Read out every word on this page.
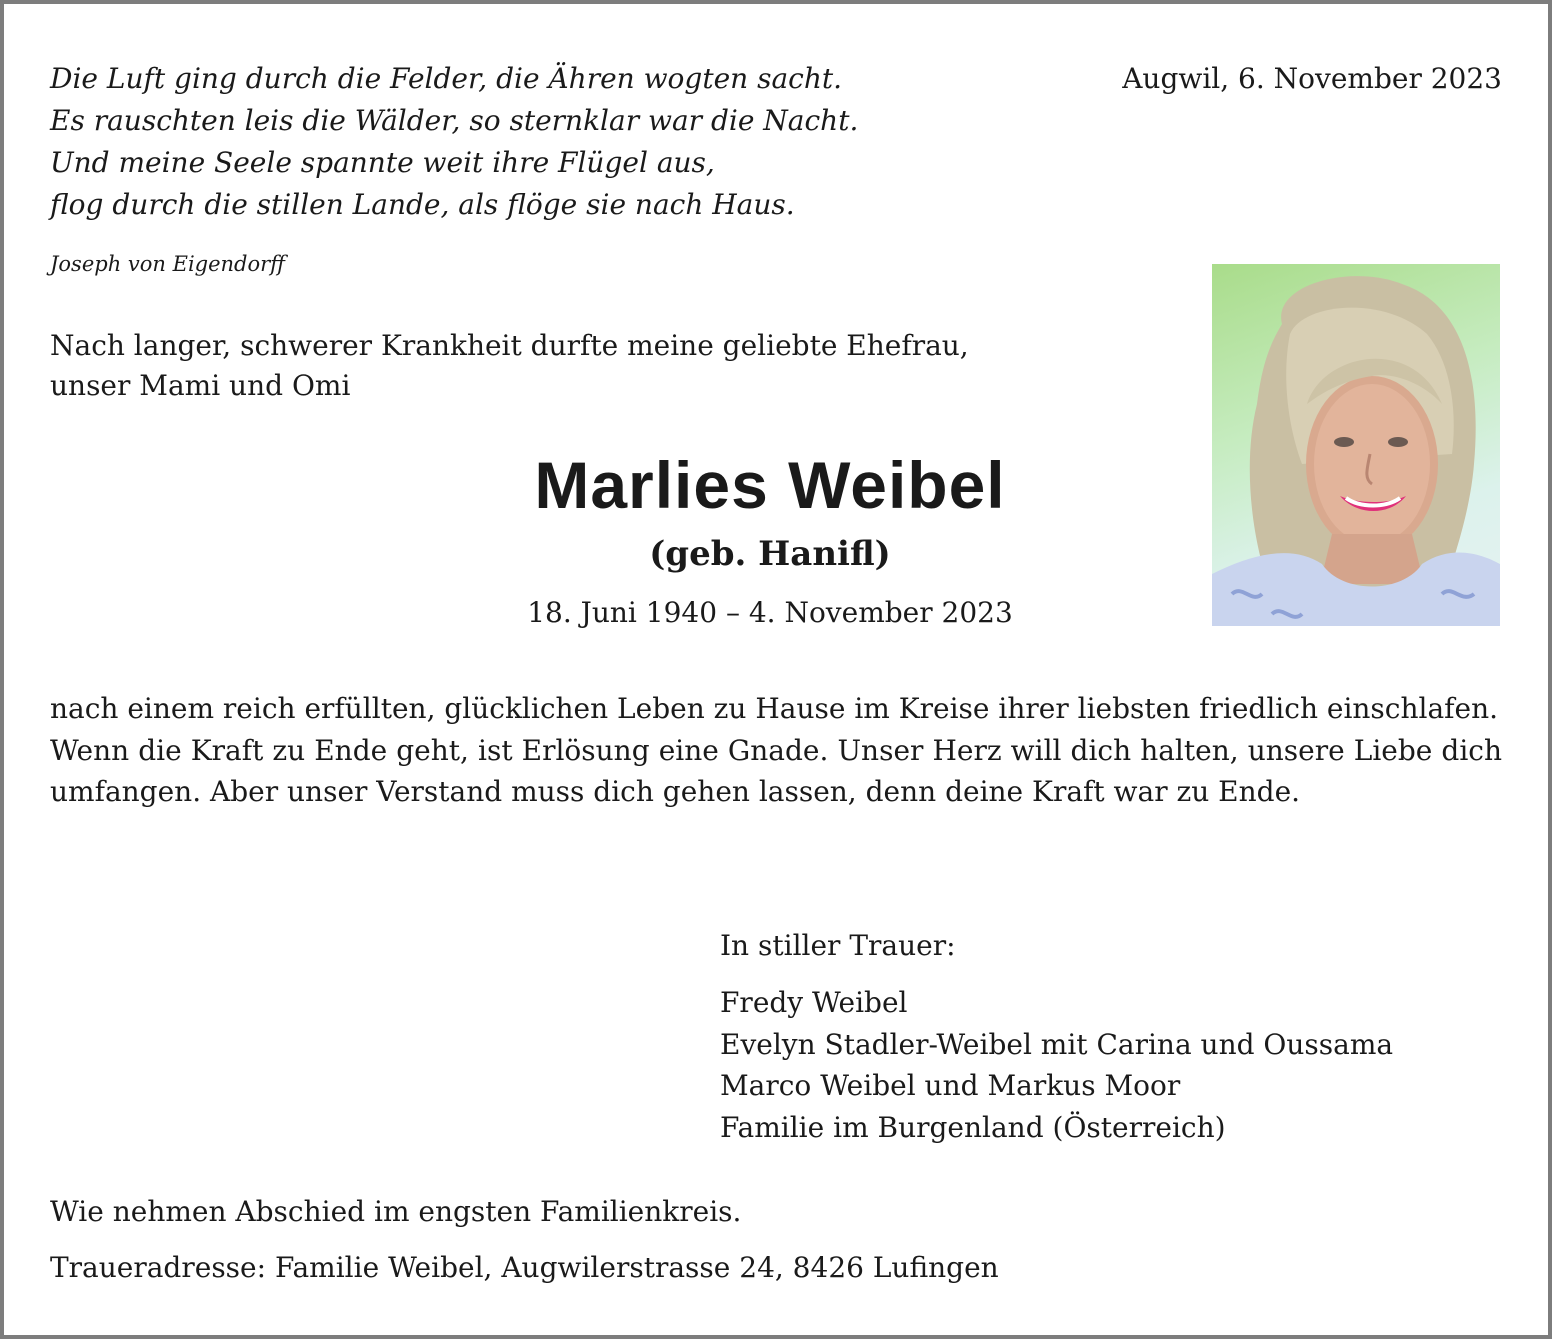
Die Luft ging durch die Felder, die Ähren wogten sacht.
Es rauschten leis die Wälder, so sternklar war die Nacht.
Und meine Seele spannte weit ihre Flügel aus,
flog durch die stillen Lande, als flöge sie nach Haus.
Joseph von Eigendorff
Augwil, 6. November 2023
Nach langer, schwerer Krankheit durfte meine geliebte Ehefrau,
unser Mami und Omi
Marlies Weibel
(geb. Hanifl)
18. Juni 1940 – 4. November 2023

nach einem reich erfüllten, glücklichen Leben zu Hause im Kreise ihrer liebsten friedlich einschlafen.

Wenn die Kraft zu Ende geht, ist Erlösung eine Gnade. Unser Herz will dich halten, unsere Liebe dich umfangen. Aber unser Verstand muss dich gehen lassen, denn deine Kraft war zu Ende.

In stiller Trauer:
Fredy Weibel
Evelyn Stadler-Weibel mit Carina und Oussama
Marco Weibel und Markus Moor
Familie im Burgenland (Österreich)
Wie nehmen Abschied im engsten Familienkreis.
Traueradresse: Familie Weibel, Augwilerstrasse 24, 8426 Lufingen
